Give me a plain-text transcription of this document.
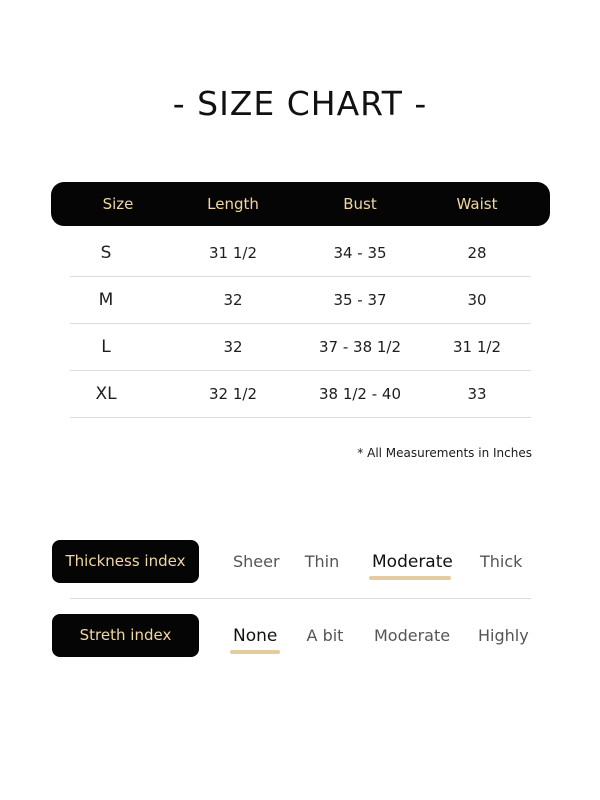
- SIZE CHART -
Size	Length	Bust	Waist
S	31 1/2	34 - 35	28
M	32	35 - 37	30
L	32	37 - 38 1/2	31 1/2
XL	32 1/2	38 1/2 - 40	33
* All Measurements in Inches
Thickness index	Sheer Thin Moderate Thick
Streth index	None A bit Moderate Highly
